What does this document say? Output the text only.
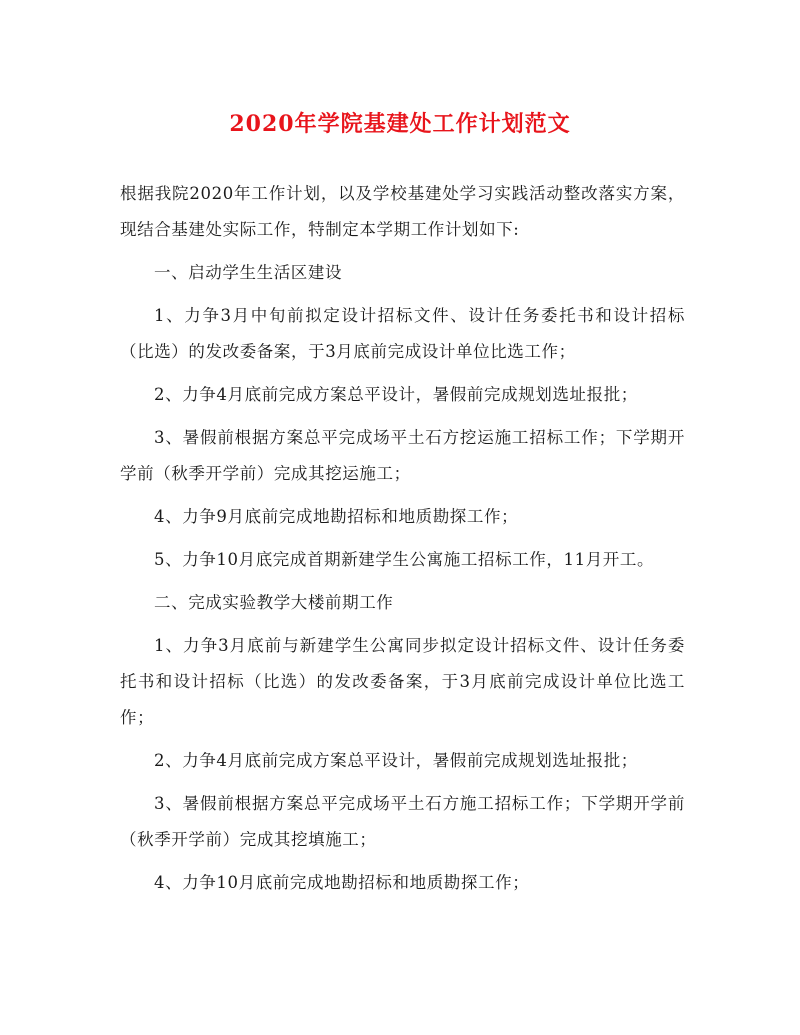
2020年学院基建处工作计划范文

根据我院2020年工作计划，以及学校基建处学习实践活动整改落实方案，现结合基建处实际工作，特制定本学期工作计划如下:

一、启动学生生活区建设

1、力争3月中旬前拟定设计招标文件、设计任务委托书和设计招标（比选）的发改委备案，于3月底前完成设计单位比选工作；

2、力争4月底前完成方案总平设计，暑假前完成规划选址报批；

3、暑假前根据方案总平完成场平土石方挖运施工招标工作；下学期开学前（秋季开学前）完成其挖运施工；

4、力争9月底前完成地勘招标和地质勘探工作；

5、力争10月底完成首期新建学生公寓施工招标工作，11月开工。

二、完成实验教学大楼前期工作

1、力争3月底前与新建学生公寓同步拟定设计招标文件、设计任务委托书和设计招标（比选）的发改委备案，于3月底前完成设计单位比选工作；

2、力争4月底前完成方案总平设计，暑假前完成规划选址报批；

3、暑假前根据方案总平完成场平土石方施工招标工作；下学期开学前（秋季开学前）完成其挖填施工；

4、力争10月底前完成地勘招标和地质勘探工作；
